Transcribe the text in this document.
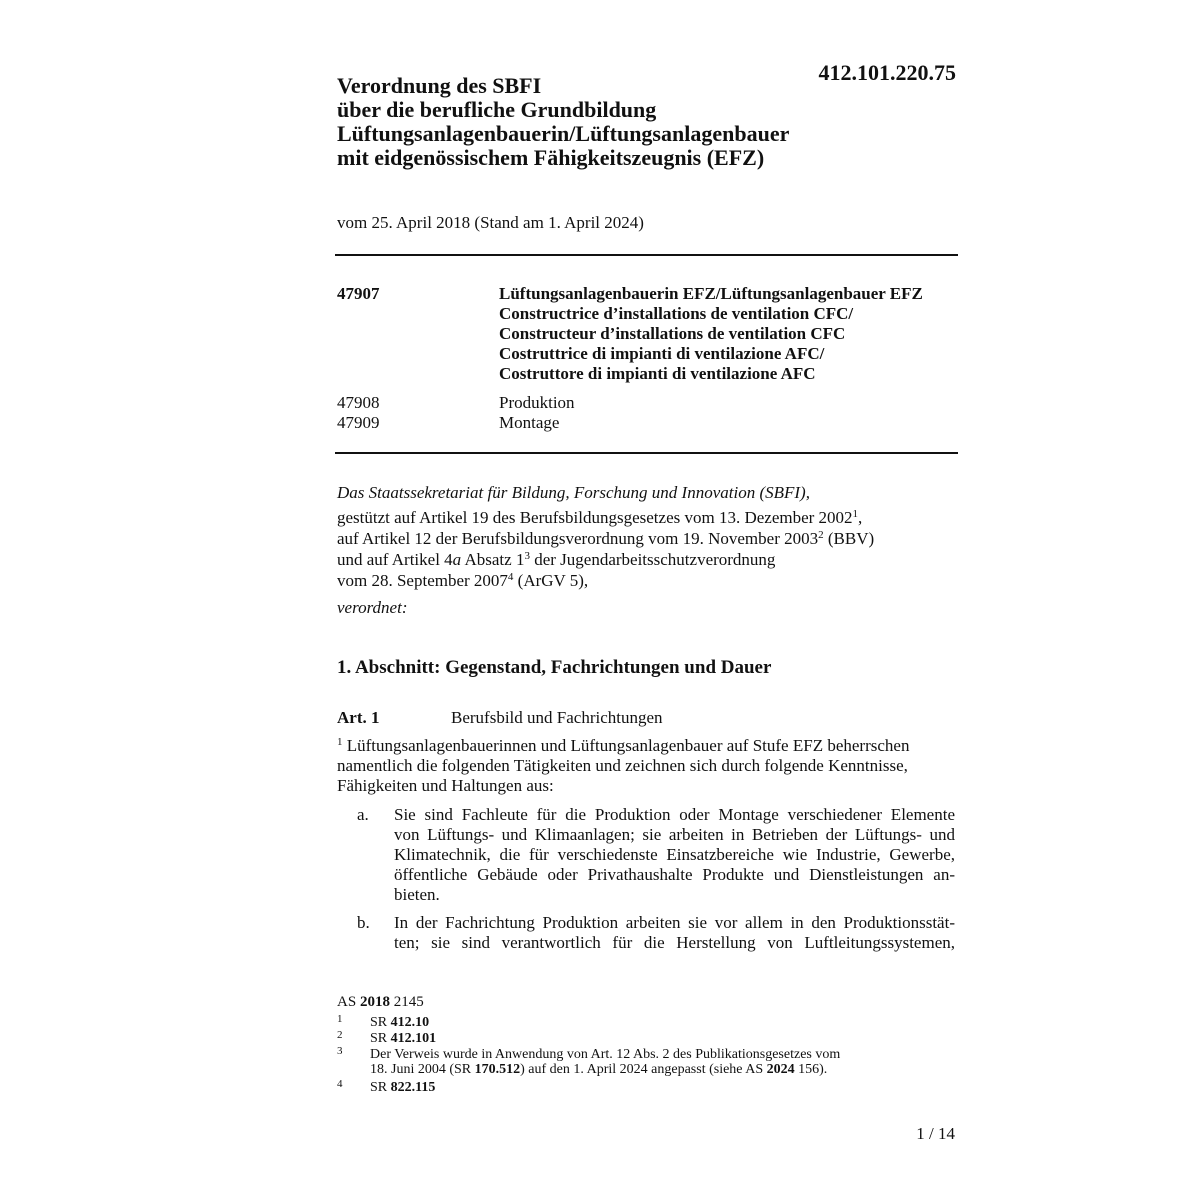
412.101.220.75
Verordnung des SBFI
über die berufliche Grundbildung
Lüftungsanlagenbauerin/Lüftungsanlagenbauer
mit eidgenössischem Fähigkeitszeugnis (EFZ)
vom 25. April 2018 (Stand am 1. April 2024)
47907	Lüftungsanlagenbauerin EFZ/Lüftungsanlagenbauer EFZ
Constructrice d’installations de ventilation CFC/
Constructeur d’installations de ventilation CFC
Costruttrice di impianti di ventilazione AFC/
Costruttore di impianti di ventilazione AFC
47908	Produktion
47909	Montage
Das Staatssekretariat für Bildung, Forschung und Innovation (SBFI),
gestützt auf Artikel 19 des Berufsbildungsgesetzes vom 13. Dezember 2002$^1$,
auf Artikel 12 der Berufsbildungsverordnung vom 19. November 2003$^2$ (BBV)
und auf Artikel 4a Absatz $1^3$ der Jugendarbeitsschutzverordnung
vom 28. September 2007$^4$ (ArGV 5),
verordnet:
1. Abschnitt: Gegenstand, Fachrichtungen und Dauer
Art. 1	Berufsbild und Fachrichtungen
$^1$ Lüftungsanlagenbauerinnen und Lüftungsanlagenbauer auf Stufe EFZ beherrschen
namentlich die folgenden Tätigkeiten und zeichnen sich durch folgende Kenntnisse,
Fähigkeiten und Haltungen aus:
a. Sie sind Fachleute für die Produktion oder Montage verschiedener Elemente
von Lüftungs- und Klimaanlagen; sie arbeiten in Betrieben der Lüftungs- und
Klimatechnik, die für verschiedenste Einsatzbereiche wie Industrie, Gewerbe,
öffentliche Gebäude oder Privathaushalte Produkte und Dienstleistungen an-
bieten.
b. In der Fachrichtung Produktion arbeiten sie vor allem in den Produktionsstät-
ten; sie sind verantwortlich für die Herstellung von Luftleitungssystemen,
AS 2018 2145
1 SR 412.10
2 SR 412.101
3 Der Verweis wurde in Anwendung von Art. 12 Abs. 2 des Publikationsgesetzes vom
18. Juni 2004 (SR 170.512) auf den 1. April 2024 angepasst (siehe AS 2024 156).
4 SR 822.115
1 / 14
